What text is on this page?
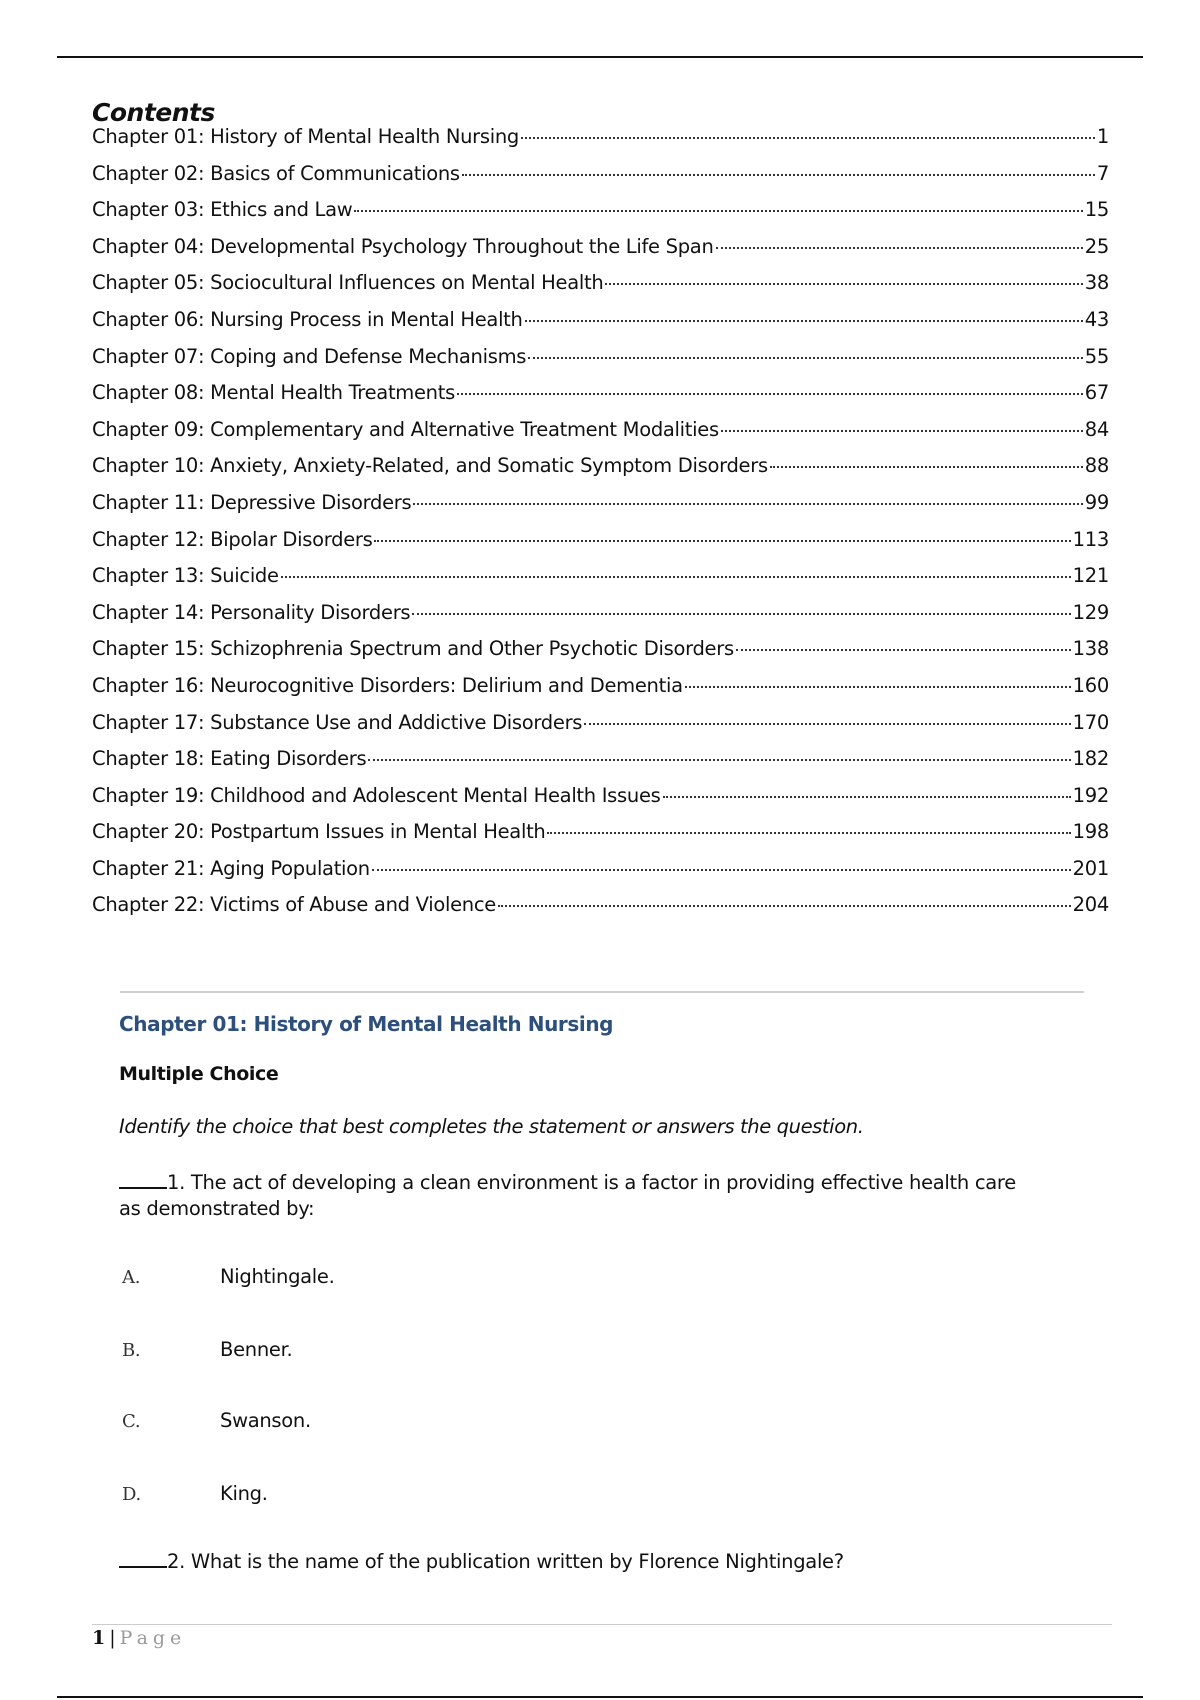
Contents
Chapter 01: History of Mental Health Nursing	1
Chapter 02: Basics of Communications	7
Chapter 03: Ethics and Law	15
Chapter 04: Developmental Psychology Throughout the Life Span	25
Chapter 05: Sociocultural Influences on Mental Health	38
Chapter 06: Nursing Process in Mental Health	43
Chapter 07: Coping and Defense Mechanisms	55
Chapter 08: Mental Health Treatments	67
Chapter 09: Complementary and Alternative Treatment Modalities	84
Chapter 10: Anxiety, Anxiety-Related, and Somatic Symptom Disorders	88
Chapter 11: Depressive Disorders	99
Chapter 12: Bipolar Disorders	113
Chapter 13: Suicide	121
Chapter 14: Personality Disorders	129
Chapter 15: Schizophrenia Spectrum and Other Psychotic Disorders	138
Chapter 16: Neurocognitive Disorders: Delirium and Dementia	160
Chapter 17: Substance Use and Addictive Disorders	170
Chapter 18: Eating Disorders	182
Chapter 19: Childhood and Adolescent Mental Health Issues	192
Chapter 20: Postpartum Issues in Mental Health	198
Chapter 21: Aging Population	201
Chapter 22: Victims of Abuse and Violence	204
Chapter 01: History of Mental Health Nursing
Multiple Choice
Identify the choice that best completes the statement or answers the question.
1. The act of developing a clean environment is a factor in providing effective health care as demonstrated by:
A.	Nightingale.
B.	Benner.
C.	Swanson.
D.	King.
2. What is the name of the publication written by Florence Nightingale?
1 | Page
